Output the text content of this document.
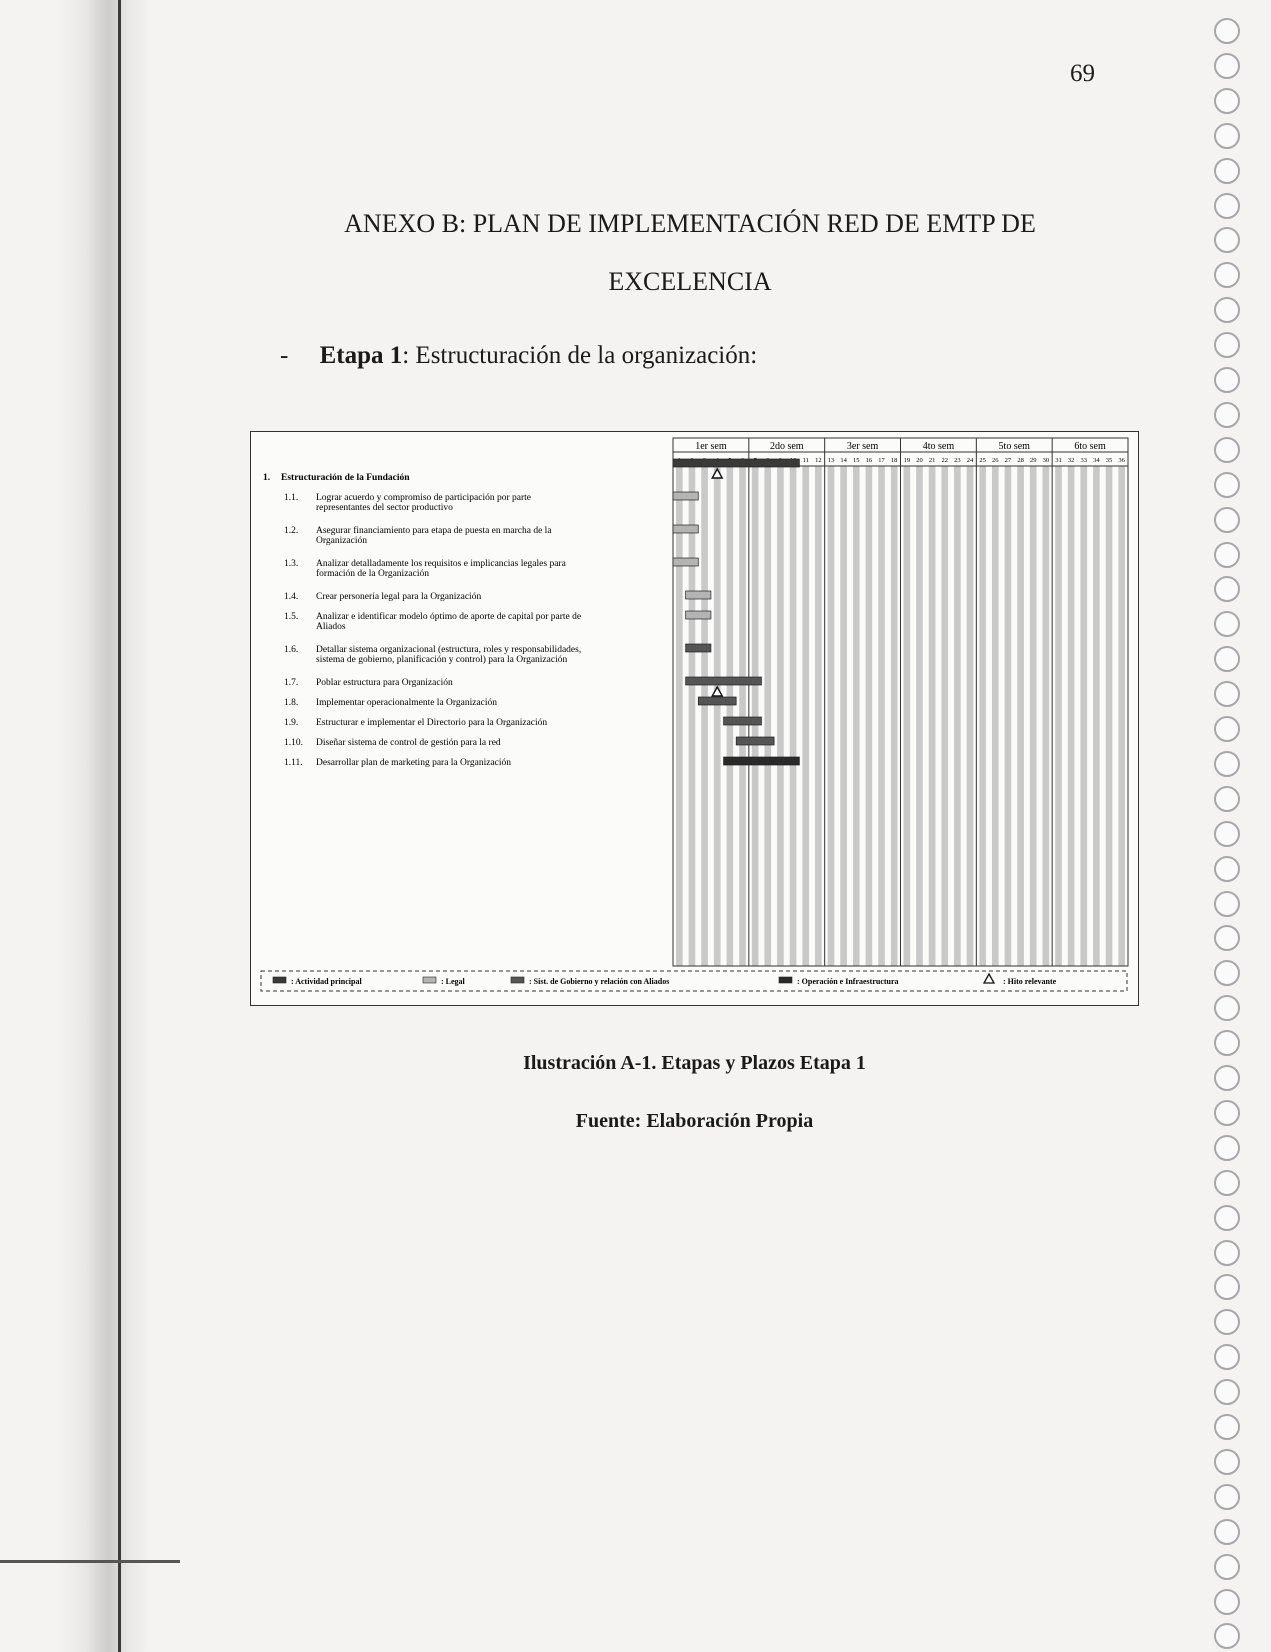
69
ANEXO B: PLAN DE IMPLEMENTACIÓN RED DE EMTP DE
EXCELENCIA
- Etapa 1: Estructuración de la organización:
1er sem	2do sem	3er sem	4to sem	5to sem	6to sem
11 12 13 14 15 16 17 18 19 20 21 22 23 24 25 26 27 28 29 30 31 32 33 34 35 36
1. Estructuración de la Fundación
1.1. Lograr acuerdo y compromiso de participación por parte
representantes del sector productivo
1.2. Asegurar financiamiento para etapa de puesta en marcha de la
Organización
1.3. Analizar detalladamente los requisitos e implicancias legales para
formación de la Organización
1.4. Crear personería legal para la Organización
1.5. Analizar e identificar modelo óptimo de aporte de capital por parte de
Aliados
1.6. Detallar sistema organizacional (estructura, roles y responsabilidades,
sistema de gobierno, planificación y control) para la Organización
1.7. Poblar estructura para Organización
1.8. Implementar operacionalmente la Organización
1.9. Estructurar e implementar el Directorio para la Organización
1.10. Diseñar sistema de control de gestión para la red
1.11. Desarrollar plan de marketing para la Organización
: Actividad principal	: Legal	: Sist. de Gobierno y relación con Aliados	: Operación e Infraestructura	: Hito relevante
Ilustración A-1. Etapas y Plazos Etapa 1
Fuente: Elaboración Propia
